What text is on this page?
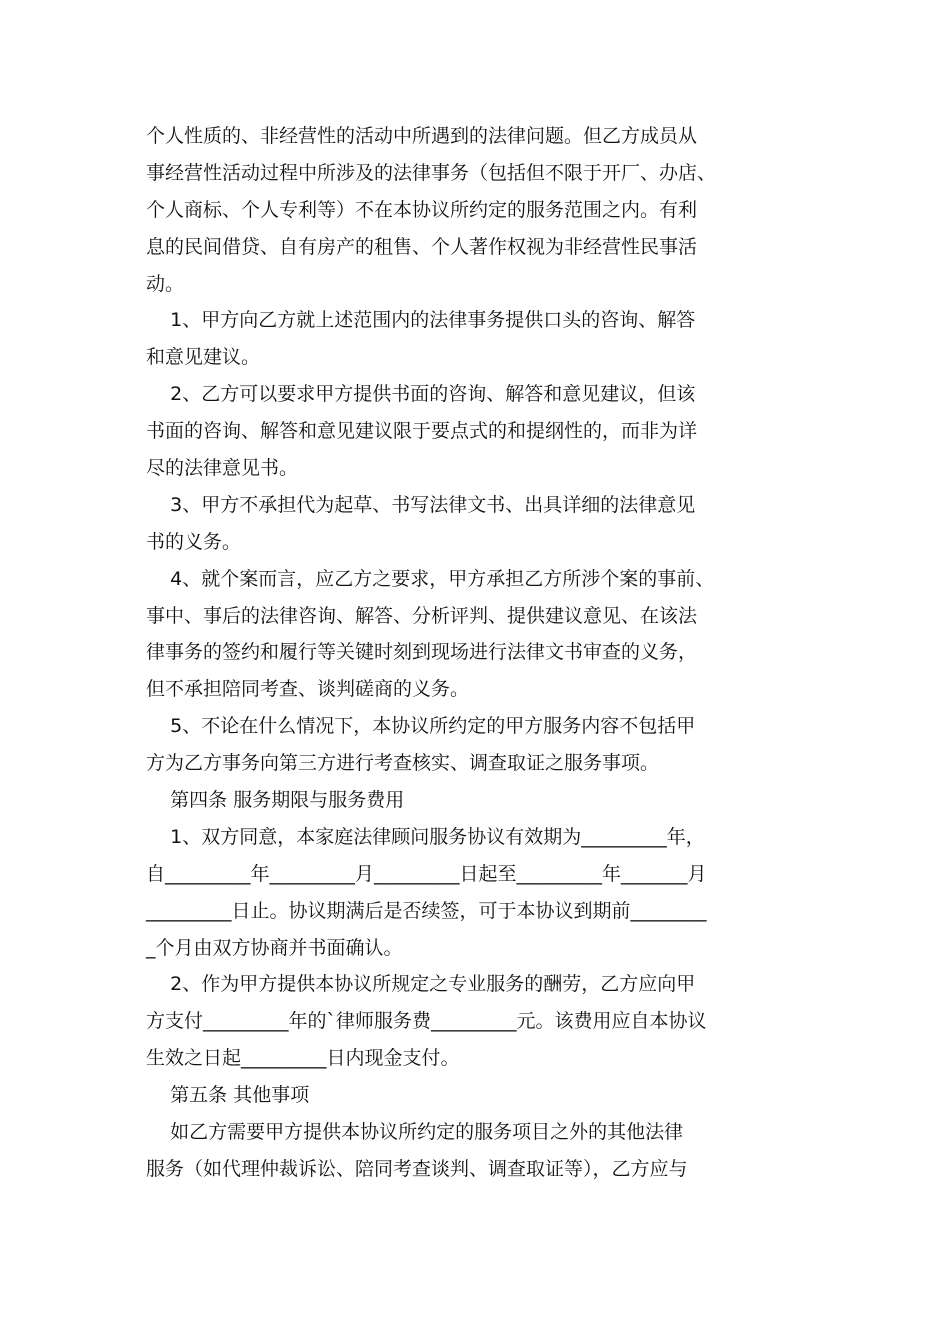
个人性质的、非经营性的活动中所遇到的法律问题。但乙方成员从
事经营性活动过程中所涉及的法律事务（包括但不限于开厂、办店、
个人商标、个人专利等）不在本协议所约定的服务范围之内。有利
息的民间借贷、自有房产的租售、个人著作权视为非经营性民事活
动。
1、甲方向乙方就上述范围内的法律事务提供口头的咨询、解答
和意见建议。
2、乙方可以要求甲方提供书面的咨询、解答和意见建议，但该
书面的咨询、解答和意见建议限于要点式的和提纲性的，而非为详
尽的法律意见书。
3、甲方不承担代为起草、书写法律文书、出具详细的法律意见
书的义务。
4、就个案而言，应乙方之要求，甲方承担乙方所涉个案的事前、
事中、事后的法律咨询、解答、分析评判、提供建议意见、在该法
律事务的签约和履行等关键时刻到现场进行法律文书审查的义务，
但不承担陪同考查、谈判磋商的义务。
5、不论在什么情况下，本协议所约定的甲方服务内容不包括甲
方为乙方事务向第三方进行考查核实、调查取证之服务事项。
第四条 服务期限与服务费用
1、双方同意，本家庭法律顾问服务协议有效期为_________年，
自_________年_________月_________日起至_________年_______月
_________日止。协议期满后是否续签，可于本协议到期前________
_个月由双方协商并书面确认。
2、作为甲方提供本协议所规定之专业服务的酬劳，乙方应向甲
方支付_________年的`律师服务费_________元。该费用应自本协议
生效之日起_________日内现金支付。
第五条 其他事项
如乙方需要甲方提供本协议所约定的服务项目之外的其他法律
服务（如代理仲裁诉讼、陪同考查谈判、调查取证等），乙方应与
